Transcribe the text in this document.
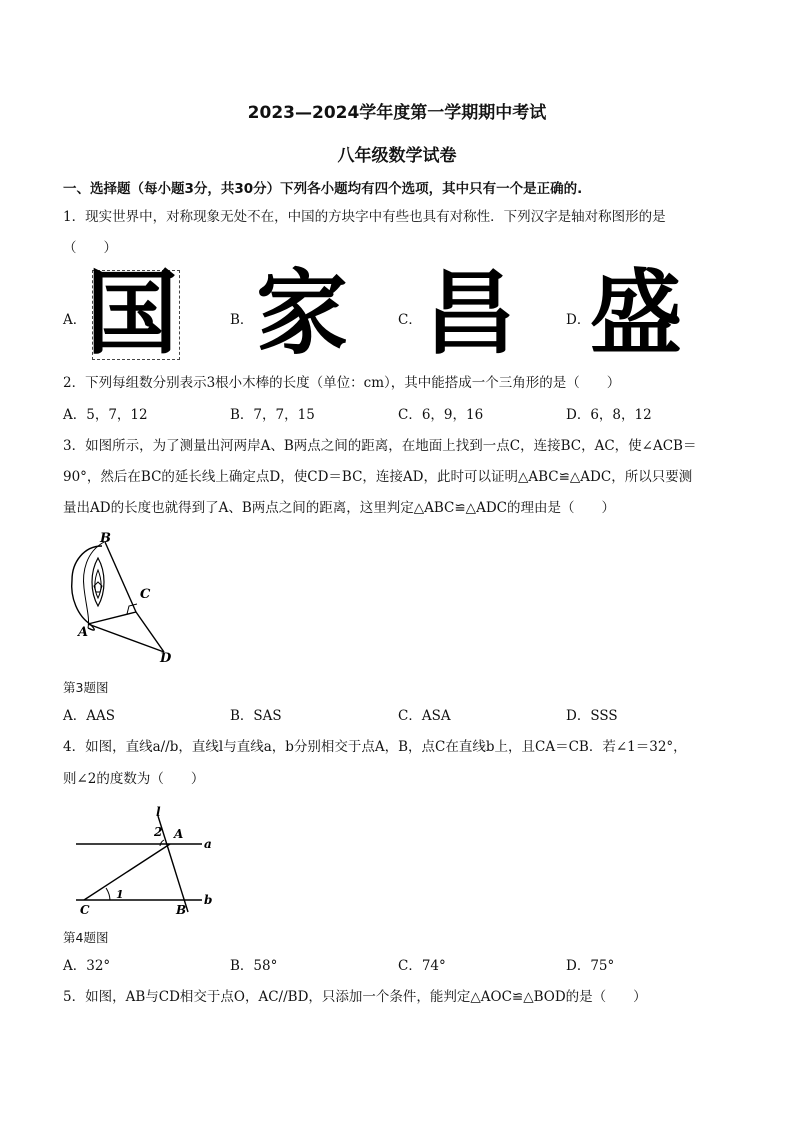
2023—2024学年度第一学期期中考试
八年级数学试卷
一、选择题（每小题3分，共30分）下列各小题均有四个选项，其中只有一个是正确的.
1．现实世界中，对称现象无处不在，中国的方块字中有些也具有对称性．下列汉字是轴对称图形的是
（　　）
A． 国	B． 家	C． 昌	D． 盛
2．下列每组数分别表示3根小木棒的长度（单位：cm），其中能搭成一个三角形的是（　　）
A．5，7，12	B．7，7，15	C．6，9，16	D．6，8，12
3．如图所示，为了测量出河两岸A、B两点之间的距离，在地面上找到一点C，连接BC，AC，使∠ACB＝
90°，然后在BC的延长线上确定点D，使CD＝BC，连接AD，此时可以证明△ABC≌△ADC，所以只要测
量出AD的长度也就得到了A、B两点之间的距离，这里判定△ABC≌△ADC的理由是（　　）
B
C
A
D
第3题图
A．AAS	B．SAS	C．ASA	D．SSS
4．如图，直线a//b，直线l与直线a，b分别相交于点A，B，点C在直线b上，且CA＝CB．若∠1＝32°，
则∠2的度数为（　　）
l
2 A
a
1
C	B
b
第4题图
A．32°	B．58°	C．74°	D．75°
5．如图，AB与CD相交于点O，AC//BD，只添加一个条件，能判定△AOC≌△BOD的是（　　）
